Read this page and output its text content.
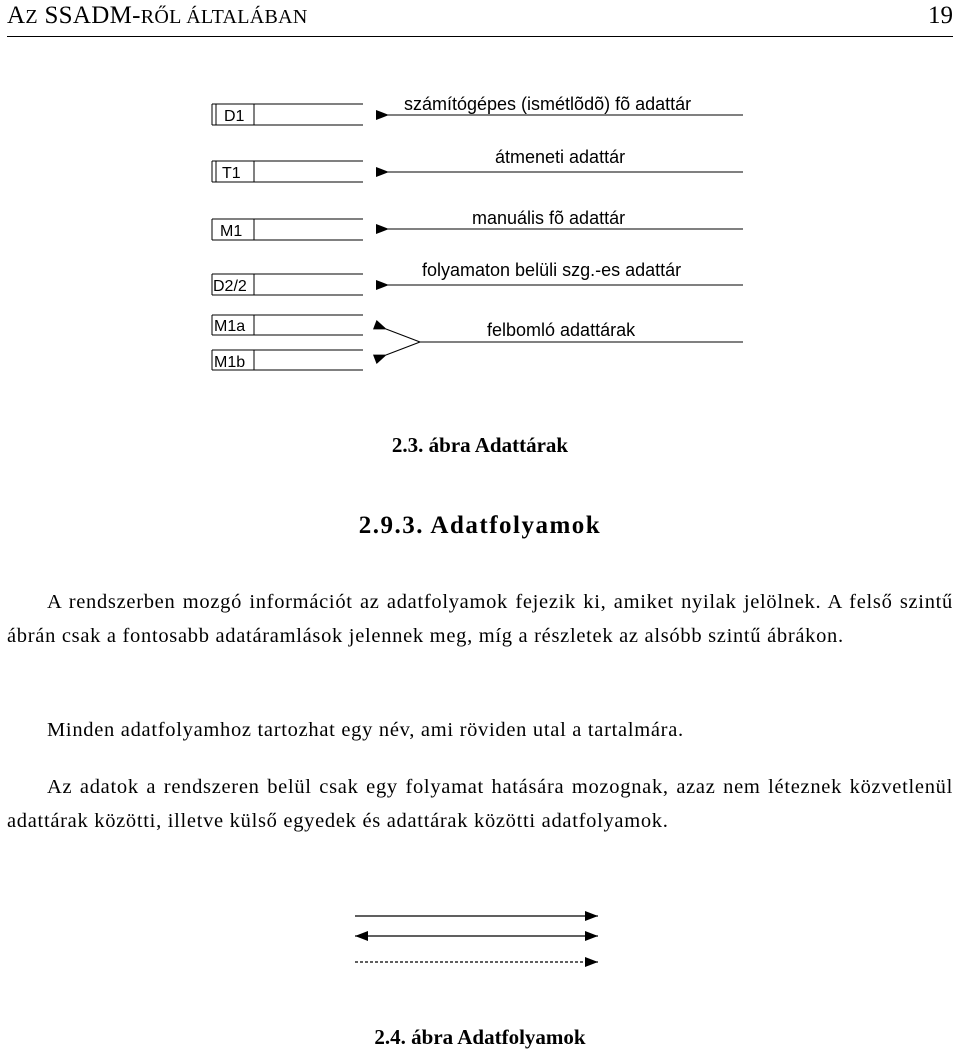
AZ SSADM-RŐL ÁLTALÁBAN	19
D1
T1
M1
D2/2
M1a
M1b
számítógépes (ismétlõdõ) fõ adattár
átmeneti adattár
manuális fõ adattár
folyamaton belüli szg.-es adattár
felbomló adattárak
2.3. ábra Adattárak
2.9.3. Adatfolyamok

A rendszerben mozgó információt az adatfolyamok fejezik ki, amiket nyilak jelölnek. A felső szintű ábrán csak a fontosabb adatáramlások jelennek meg, míg a részletek az alsóbb szintű ábrákon.

Minden adatfolyamhoz tartozhat egy név, ami röviden utal a tartalmára.

Az adatok a rendszeren belül csak egy folyamat hatására mozognak, azaz nem léteznek közvetlenül adattárak közötti, illetve külső egyedek és adattárak közötti adatfolyamok.

2.4. ábra Adatfolyamok
